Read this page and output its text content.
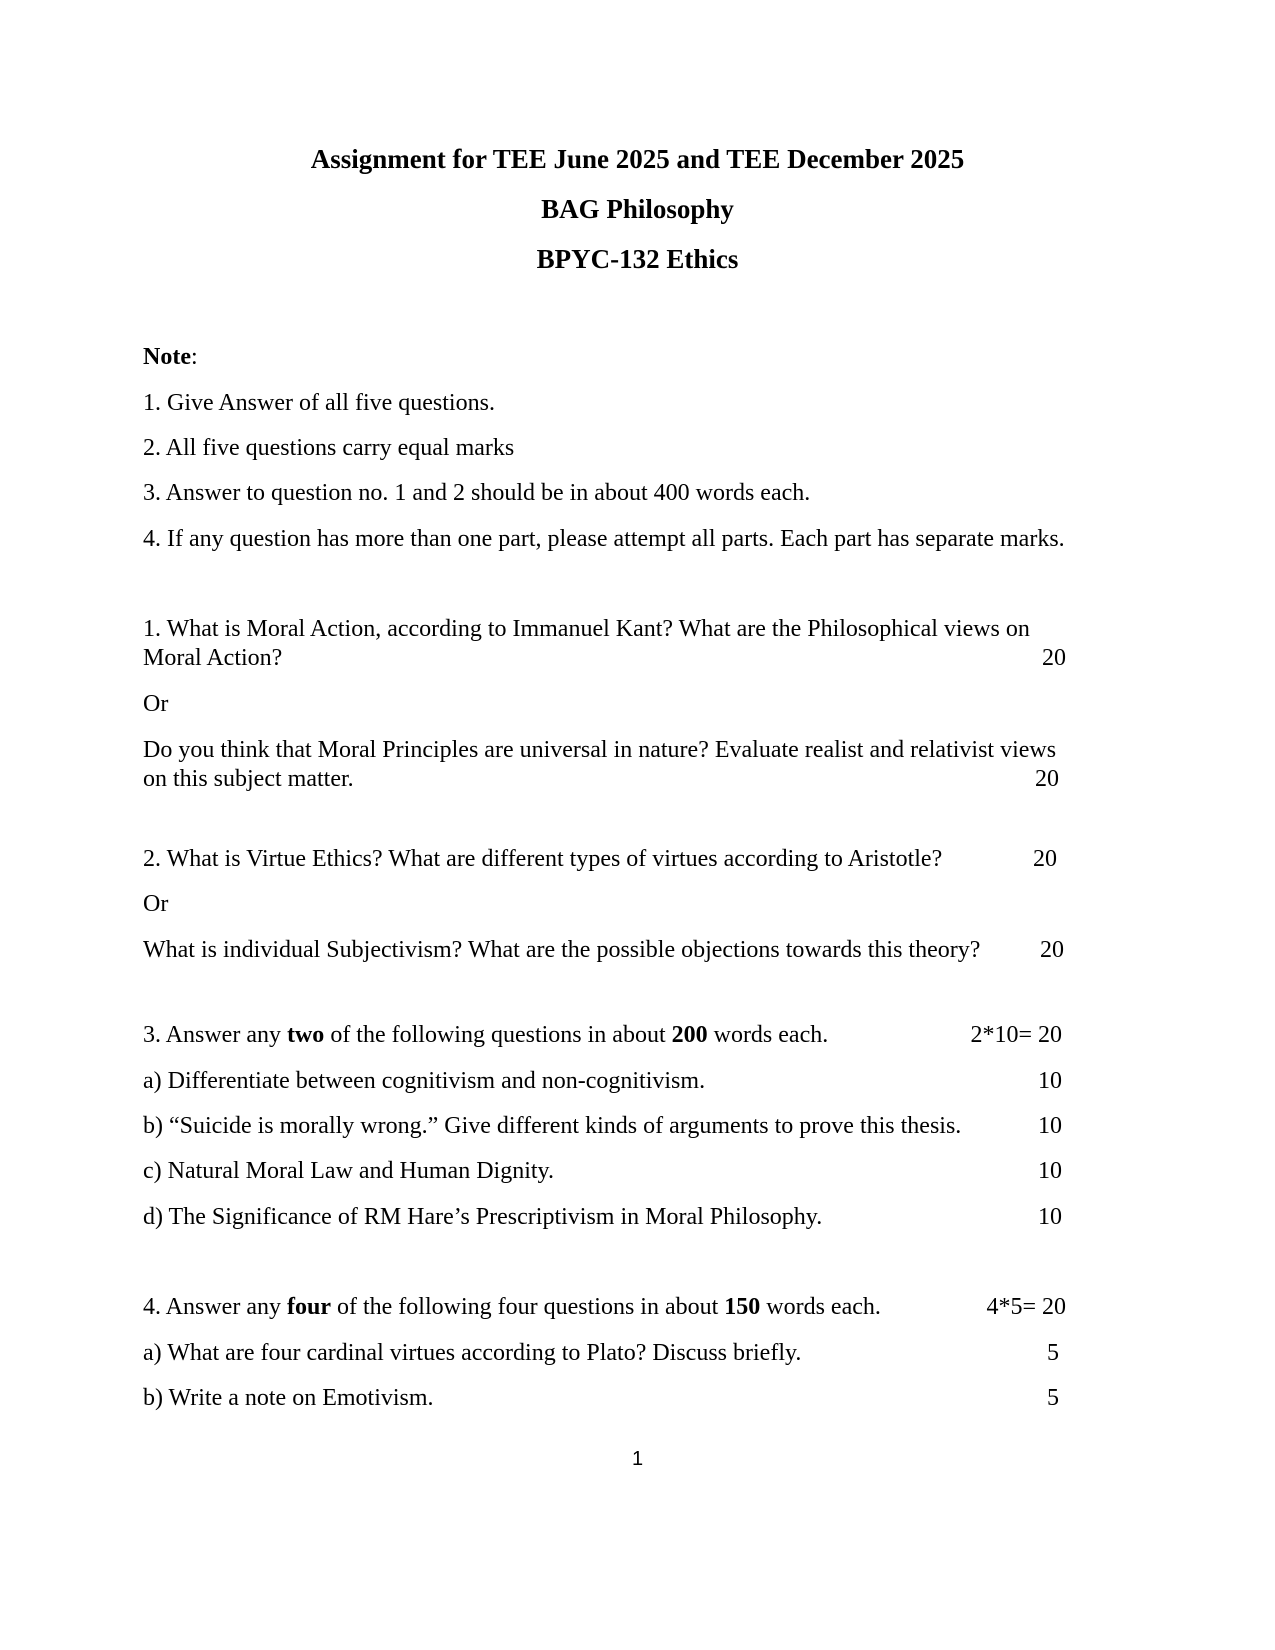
Assignment for TEE June 2025 and TEE December 2025
BAG Philosophy
BPYC-132 Ethics
Note:
1. Give Answer of all five questions.
2. All five questions carry equal marks
3. Answer to question no. 1 and 2 should be in about 400 words each.
4. If any question has more than one part, please attempt all parts. Each part has separate marks.
1. What is Moral Action, according to Immanuel Kant? What are the Philosophical views on
Moral Action?	20
Or
Do you think that Moral Principles are universal in nature? Evaluate realist and relativist views
on this subject matter.	20
2. What is Virtue Ethics? What are different types of virtues according to Aristotle?	20
Or
What is individual Subjectivism? What are the possible objections towards this theory? 20
3. Answer any two of the following questions in about 200 words each.	2*10= 20
a) Differentiate between cognitivism and non-cognitivism.	10
b) “Suicide is morally wrong.” Give different kinds of arguments to prove this thesis.	10
c) Natural Moral Law and Human Dignity.	10
d) The Significance of RM Hare’s Prescriptivism in Moral Philosophy.	10
4. Answer any four of the following four questions in about 150 words each.	4*5= 20
a) What are four cardinal virtues according to Plato? Discuss briefly.	5
b) Write a note on Emotivism.	5
1
